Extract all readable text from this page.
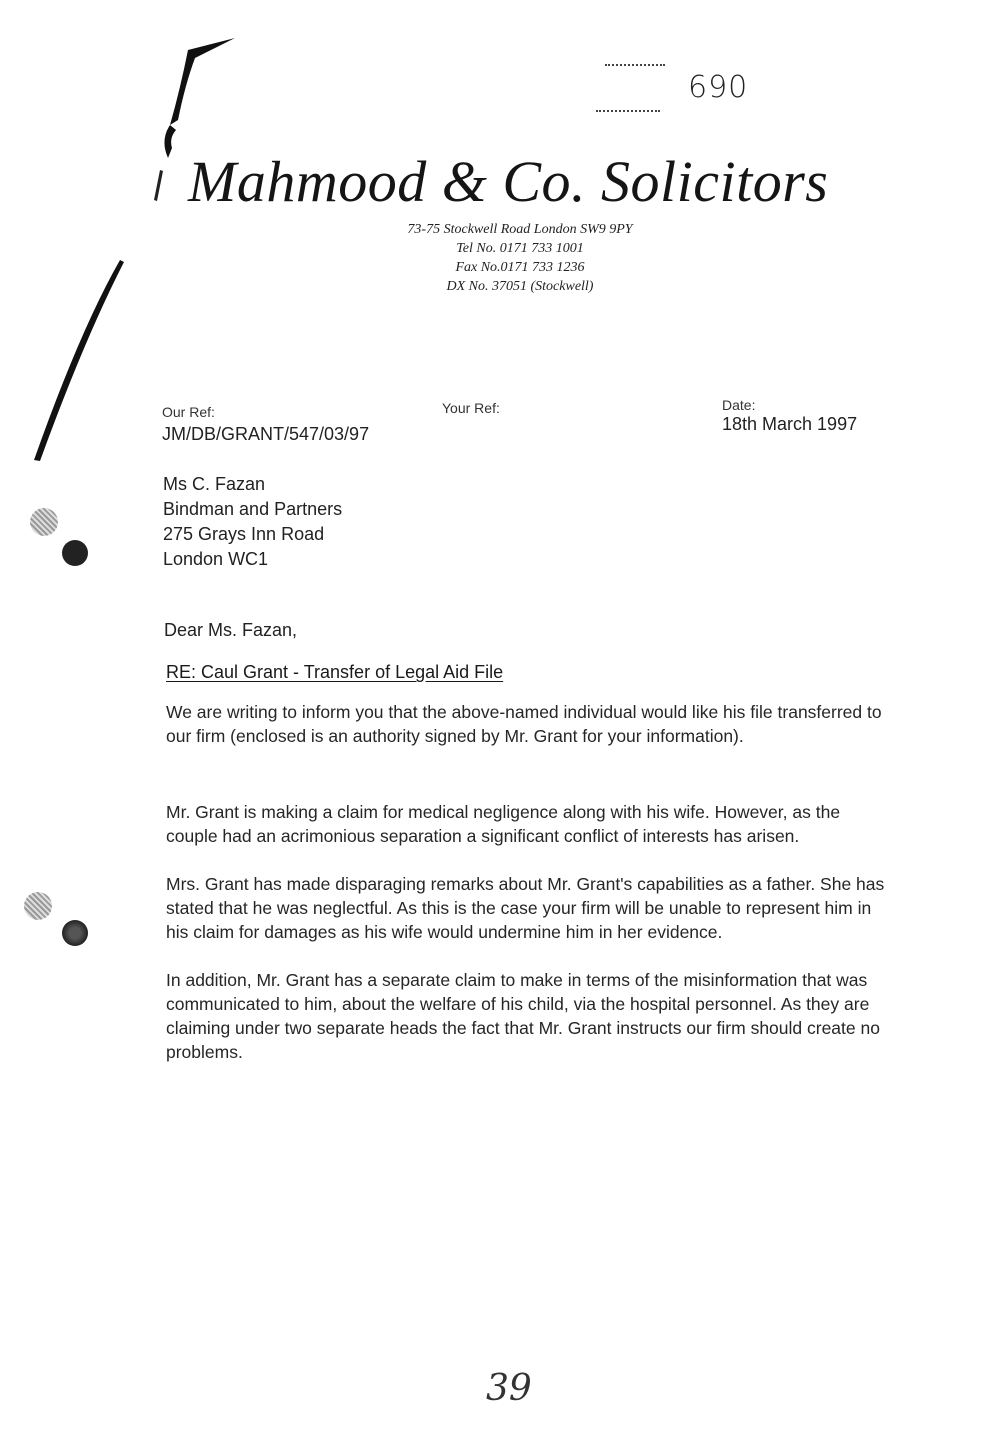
690
Mahmood & Co. Solicitors
73-75 Stockwell Road London SW9 9PY
Tel No. 0171 733 1001
Fax No.0171 733 1236
DX No. 37051 (Stockwell)
Our Ref:
JM/DB/GRANT/547/03/97
Your Ref:	Date:
18th March 1997
Ms C. Fazan
Bindman and Partners
275 Grays Inn Road
London WC1
Dear Ms. Fazan,
RE: Caul Grant - Transfer of Legal Aid File

We are writing to inform you that the above-named individual would like his file transferred to our firm (enclosed is an authority signed by Mr. Grant for your information).

Mr. Grant is making a claim for medical negligence along with his wife. However, as the couple had an acrimonious separation a significant conflict of interests has arisen.

Mrs. Grant has made disparaging remarks about Mr. Grant's capabilities as a father. She has stated that he was neglectful. As this is the case your firm will be unable to represent him in his claim for damages as his wife would undermine him in her evidence.

In addition, Mr. Grant has a separate claim to make in terms of the misinformation that was communicated to him, about the welfare of his child, via the hospital personnel. As they are claiming under two separate heads the fact that Mr. Grant instructs our firm should create no problems.

39
